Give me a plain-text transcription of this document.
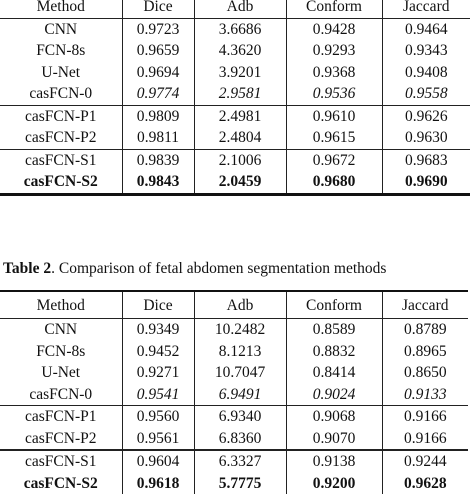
Method	Dice	Adb	Conform	Jaccard
CNN	0.9723	3.6686	0.9428	0.9464
FCN-8s	0.9659	4.3620	0.9293	0.9343
U-Net	0.9694	3.9201	0.9368	0.9408
casFCN-0	0.9774	2.9581	0.9536	0.9558
casFCN-P1	0.9809	2.4981	0.9610	0.9626
casFCN-P2	0.9811	2.4804	0.9615	0.9630
casFCN-S1	0.9839	2.1006	0.9672	0.9683
casFCN-S2	0.9843	2.0459	0.9680	0.9690
Table 2. Comparison of fetal abdomen segmentation methods
Method	Dice	Adb	Conform	Jaccard
CNN	0.9349	10.2482	0.8589	0.8789
FCN-8s	0.9452	8.1213	0.8832	0.8965
U-Net	0.9271	10.7047	0.8414	0.8650
casFCN-0	0.9541	6.9491	0.9024	0.9133
casFCN-P1	0.9560	6.9340	0.9068	0.9166
casFCN-P2	0.9561	6.8360	0.9070	0.9166
casFCN-S1	0.9604	6.3327	0.9138	0.9244
casFCN-S2	0.9618	5.7775	0.9200	0.9628
